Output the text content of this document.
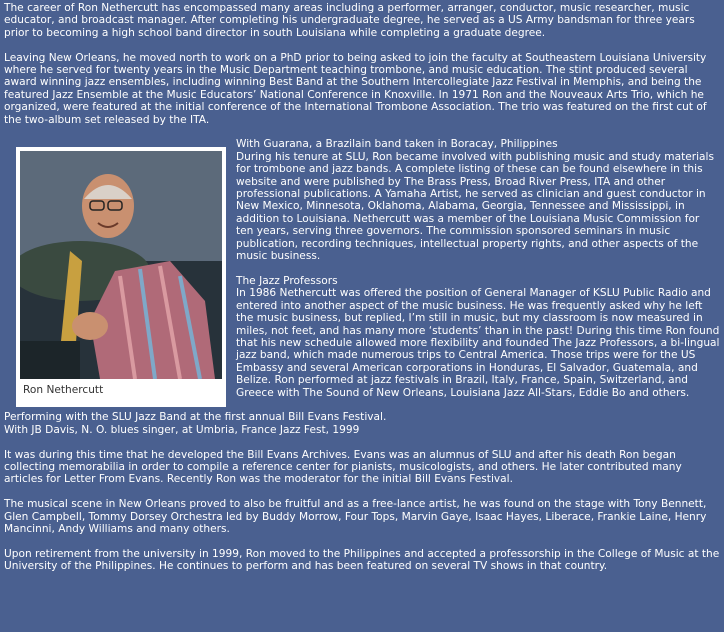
The career of Ron Nethercutt has encompassed many areas including a performer, arranger, conductor, music researcher, music educator, and broadcast manager. After completing his undergraduate degree, he served as a US Army bandsman for three years prior to becoming a high school band director in south Louisiana while completing a graduate degree.

Leaving New Orleans, he moved north to work on a PhD prior to being asked to join the faculty at Southeastern Louisiana University where he served for twenty years in the Music Department teaching trombone, and music education. The stint produced several award winning jazz ensembles, including winning Best Band at the Southern Intercollegiate Jazz Festival in Memphis, and being the featured Jazz Ensemble at the Music Educators’ National Conference in Knoxville. In 1971 Ron and the Nouveaux Arts Trio, which he organized, were featured at the initial conference of the International Trombone Association. The trio was featured on the first cut of the two-album set released by the ITA.

Ron Nethercutt

With Guarana, a Brazilain band taken in Boracay, Philippines
During his tenure at SLU, Ron became involved with publishing music and study materials for trombone and jazz bands. A complete listing of these can be found elsewhere in this website and were published by The Brass Press, Broad River Press, ITA and other professional publications. A Yamaha Artist, he served as clinician and guest conductor in New Mexico, Minnesota, Oklahoma, Alabama, Georgia, Tennessee and Mississippi, in addition to Louisiana. Nethercutt was a member of the Louisiana Music Commission for ten years, serving three governors. The commission sponsored seminars in music publication, recording techniques, intellectual property rights, and other aspects of the music business.

The Jazz Professors
In 1986 Nethercutt was offered the position of General Manager of KSLU Public Radio and entered into another aspect of the music business. He was frequently asked why he left the music business, but replied, I’m still in music, but my classroom is now measured in miles, not feet, and has many more ‘students’ than in the past! During this time Ron found that his new schedule allowed more flexibility and founded The Jazz Professors, a bi-lingual jazz band, which made numerous trips to Central America. Those trips were for the US Embassy and several American corporations in Honduras, El Salvador, Guatemala, and Belize. Ron performed at jazz festivals in Brazil, Italy, France, Spain, Switzerland, and Greece with The Sound of New Orleans, Louisiana Jazz All-Stars, Eddie Bo and others.

Performing with the SLU Jazz Band at the first annual Bill Evans Festival.
With JB Davis, N. O. blues singer, at Umbria, France Jazz Fest, 1999

It was during this time that he developed the Bill Evans Archives. Evans was an alumnus of SLU and after his death Ron began collecting memorabilia in order to compile a reference center for pianists, musicologists, and others. He later contributed many articles for Letter From Evans. Recently Ron was the moderator for the initial Bill Evans Festival.

The musical scene in New Orleans proved to also be fruitful and as a free-lance artist, he was found on the stage with Tony Bennett, Glen Campbell, Tommy Dorsey Orchestra led by Buddy Morrow, Four Tops, Marvin Gaye, Isaac Hayes, Liberace, Frankie Laine, Henry Mancinni, Andy Williams and many others.

Upon retirement from the university in 1999, Ron moved to the Philippines and accepted a professorship in the College of Music at the University of the Philippines. He continues to perform and has been featured on several TV shows in that country.
